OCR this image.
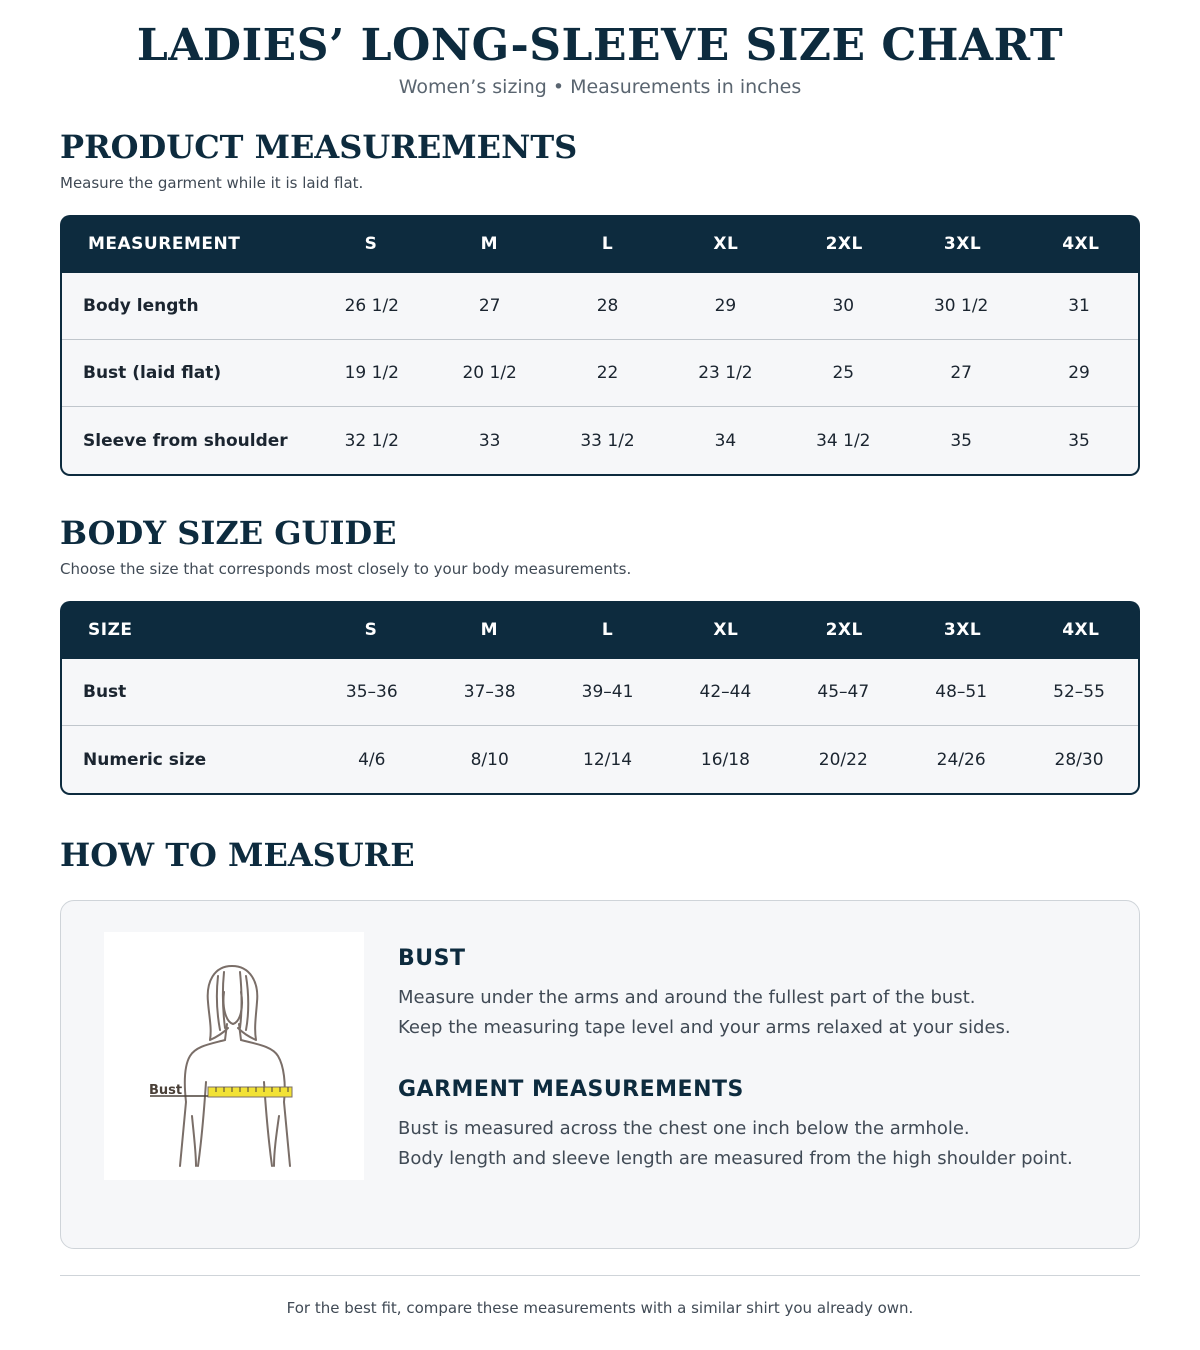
LADIES’ LONG-SLEEVE SIZE CHART
Women’s sizing • Measurements in inches
PRODUCT MEASUREMENTS
Measure the garment while it is laid flat.
MEASUREMENT	S	M	L	XL	2XL	3XL	4XL
Body length	26 1/2	27	28	29	30	30 1/2	31
Bust (laid flat)	19 1/2	20 1/2	22	23 1/2	25	27	29
Sleeve from shoulder	32 1/2	33	33 1/2	34	34 1/2	35	35
BODY SIZE GUIDE
Choose the size that corresponds most closely to your body measurements.
SIZE	S	M	L	XL	2XL	3XL	4XL
Bust	35–36	37–38	39–41	42–44	45–47	48–51	52–55
Numeric size	4/6	8/10	12/14	16/18	20/22	24/26	28/30
HOW TO MEASURE
Bust
BUST
Measure under the arms and around the fullest part of the bust.
Keep the measuring tape level and your arms relaxed at your sides.
GARMENT MEASUREMENTS
Bust is measured across the chest one inch below the armhole.
Body length and sleeve length are measured from the high shoulder point.
For the best fit, compare these measurements with a similar shirt you already own.
